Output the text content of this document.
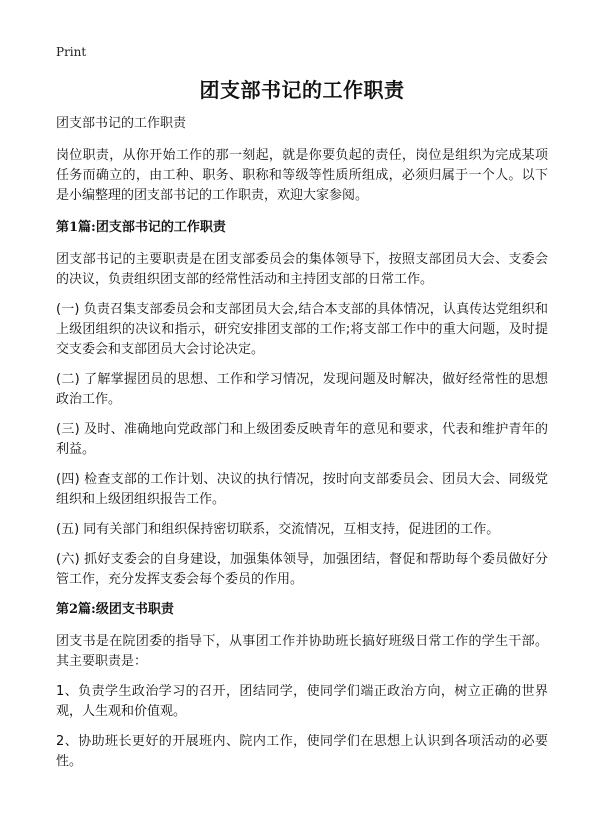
Print
团支部书记的工作职责
团支部书记的工作职责

岗位职责，从你开始工作的那一刻起，就是你要负起的责任，岗位是组织为完成某项任务而确立的，由工种、职务、职称和等级等性质所组成，必须归属于一个人。以下是小编整理的团支部书记的工作职责，欢迎大家参阅。

第1篇:团支部书记的工作职责

团支部书记的主要职责是在团支部委员会的集体领导下，按照支部团员大会、支委会的决议，负责组织团支部的经常性活动和主持团支部的日常工作。

(一) 负责召集支部委员会和支部团员大会,结合本支部的具体情况，认真传达党组织和上级团组织的决议和指示，研究安排团支部的工作;将支部工作中的重大问题，及时提交支委会和支部团员大会讨论决定。

(二) 了解掌握团员的思想、工作和学习情况，发现问题及时解决，做好经常性的思想政治工作。

(三) 及时、准确地向党政部门和上级团委反映青年的意见和要求，代表和维护青年的利益。

(四) 检查支部的工作计划、决议的执行情况，按时向支部委员会、团员大会、同级党组织和上级团组织报告工作。

(五) 同有关部门和组织保持密切联系，交流情况，互相支持，促进团的工作。

(六) 抓好支委会的自身建设，加强集体领导，加强团结，督促和帮助每个委员做好分管工作，充分发挥支委会每个委员的作用。

第2篇:级团支书职责

团支书是在院团委的指导下，从事团工作并协助班长搞好班级日常工作的学生干部。其主要职责是：

1、负责学生政治学习的召开，团结同学，使同学们端正政治方向，树立正确的世界观，人生观和价值观。

2、协助班长更好的开展班内、院内工作，使同学们在思想上认识到各项活动的必要性。
